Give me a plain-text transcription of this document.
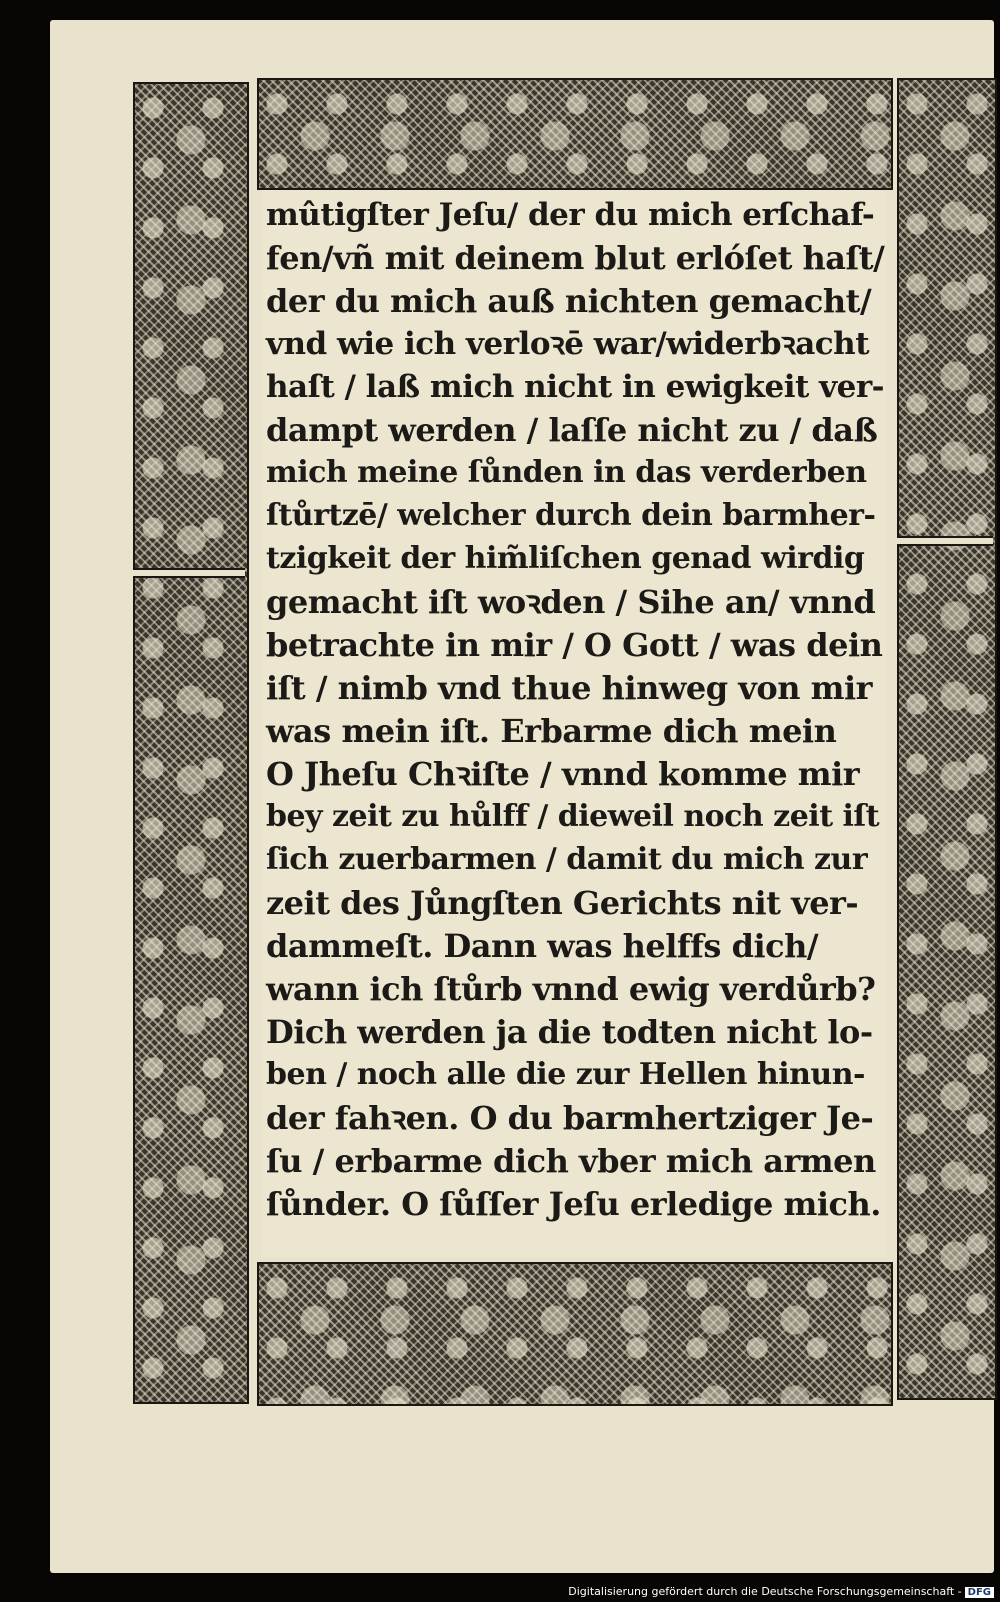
mûtigſter Jeſu/ der du mich erſchaf-
fen/vñ mit deinem blut erlóſet haſt/
der du mich auß nichten gemacht/
vnd wie ich verloꝛē war/widerbꝛacht
haſt / laß mich nicht in ewigkeit ver-
dampt werden / laſſe nicht zu / daß
mich meine ſůnden in das verderben
ſtůrtzē/ welcher durch dein barmher-
tzigkeit der him̃liſchen genad wirdig
gemacht iſt woꝛden / Sihe an/ vnnd
betrachte in mir / O Gott / was dein
iſt / nimb vnd thue hinweg von mir
was mein iſt. Erbarme dich mein
O Jheſu Chꝛiſte / vnnd komme mir
bey zeit zu hůlff / dieweil noch zeit iſt
ſich zuerbarmen / damit du mich zur
zeit des Jůngſten Gerichts nit ver-
dammeſt. Dann was helffs dich/
wann ich ſtůrb vnnd ewig verdůrb?
Dich werden ja die todten nicht lo-
ben / noch alle die zur Hellen hinun-
der fahꝛen. O du barmhertziger Je-
ſu / erbarme dich vber mich armen
ſůnder. O ſůſſer Jeſu erledige mich.
Digitalisierung gefördert durch die Deutsche Forschungsgemeinschaft - DFG
